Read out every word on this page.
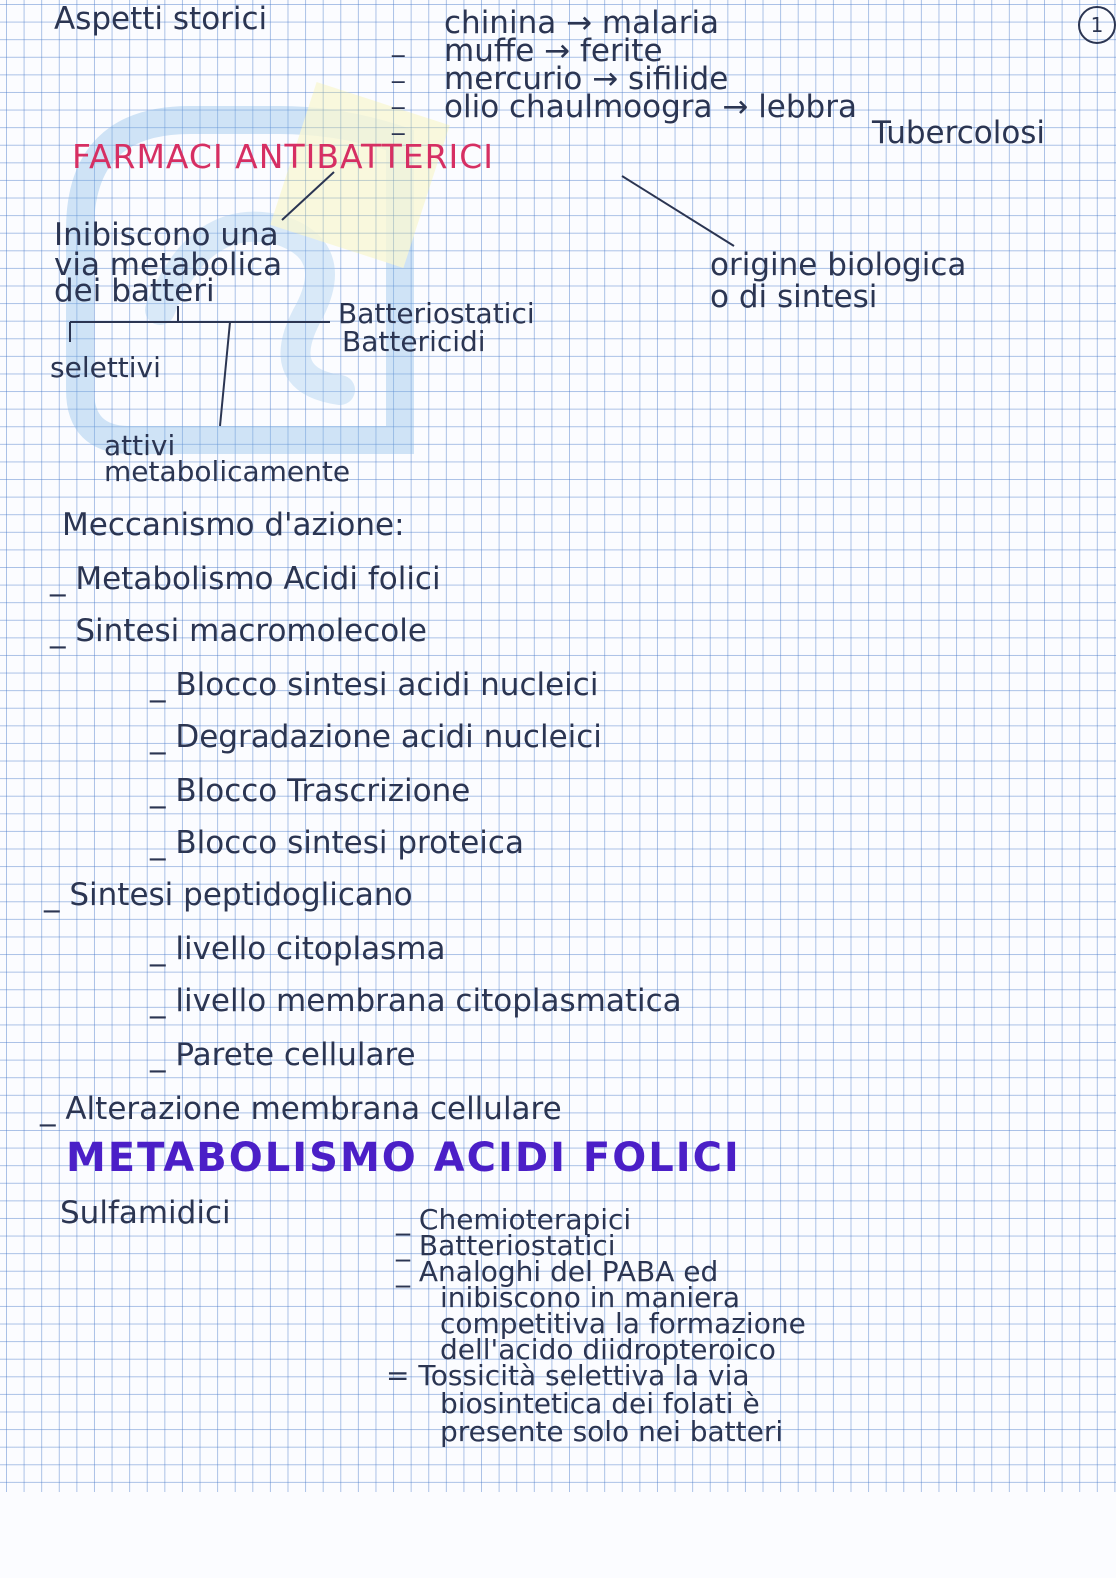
1
Aspetti storici
_
_
_
_
chinina → malaria
muffe → ferite
mercurio → sifilide
olio chaulmoogra → lebbra
Tubercolosi
FARMACI ANTIBATTERICI
Inibiscono una
via metabolica
dei batteri
origine biologica
o di sintesi
Batteriostatici
Battericidi
selettivi
attivi
metabolicamente
Meccanismo d'azione:
_ Metabolismo Acidi folici
_ Sintesi macromolecole
_ Blocco sintesi acidi nucleici
_ Degradazione acidi nucleici
_ Blocco Trascrizione
_ Blocco sintesi proteica
_ Sintesi peptidoglicano
_ livello citoplasma
_ livello membrana citoplasmatica
_ Parete cellulare
_ Alterazione membrana cellulare
METABOLISMO ACIDI FOLICI
Sulfamidici	_ Chemioterapici
_ Batteriostatici
_ Analoghi del PABA ed
inibiscono in maniera
competitiva la formazione
dell'acido diidropteroico
= Tossicità selettiva la via
biosintetica dei folati è
presente solo nei batteri
